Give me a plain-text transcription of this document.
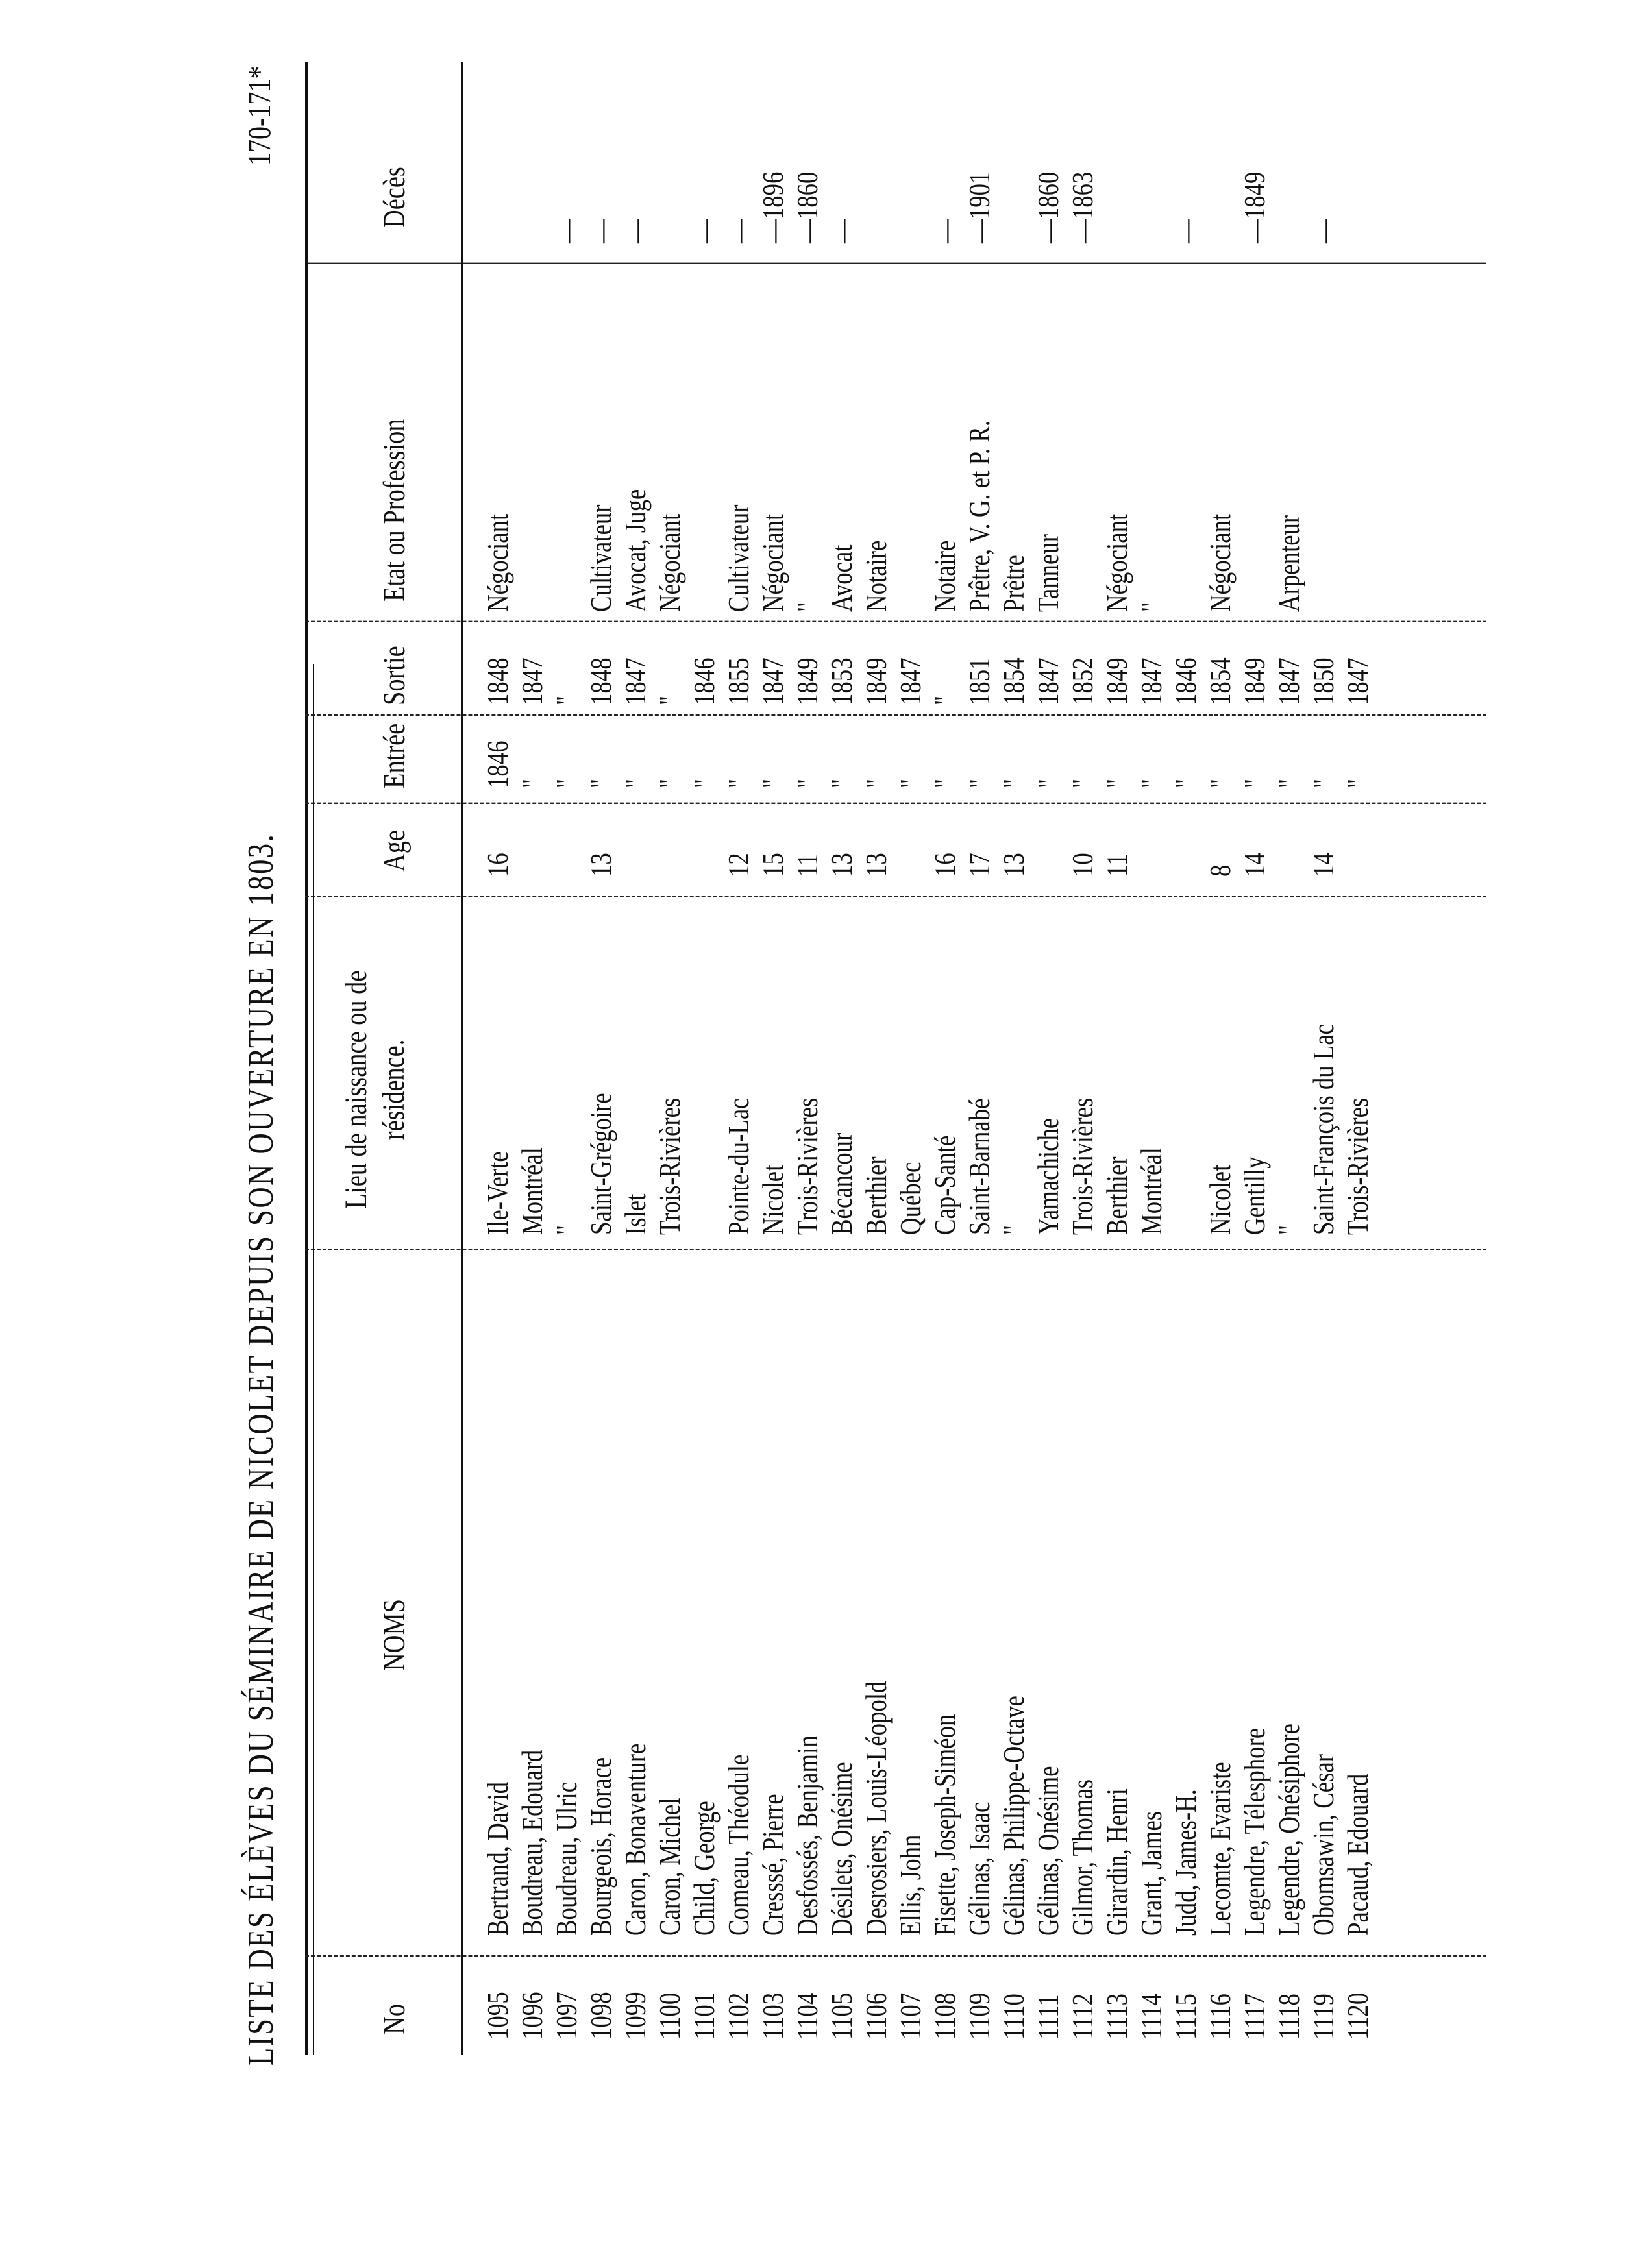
LISTE DES ÉLÈVES DU SÉMINAIRE DE NICOLET DEPUIS SON OUVERTURE EN 1803.
170-171*
No
NOMS
Lieu de naissance ou de résidence.
Age
Entrée
Sortie
1095
Bertrand, David
Ile-Verte
16
1846
1848
1096
Boudreau, Edouard
Montréal
"
1847
1097
Boudreau, Ulric
"
"
"
1098
Bourgeois, Horace
Saint-Grégoire
13
"
1848
1099
Caron, Bonaventure
Islet
"
1847
1100
Caron, Michel
Trois-Rivières
"
"
1101
Child, George
"
1846
1102
Comeau, Théodule
Pointe-du-Lac
12
"
1855
1103
Cresssé, Pierre
Nicolet
15
"
1847
1104
Desfossés, Benjamin
Trois-Rivières
11
"
1849
1105
Désilets, Onésime
Bécancour
13
"
1853
1106
Desrosiers, Louis-Léopold
Berthier
13
"
1849
1107
Ellis, John
Québec
"
1847
1108
Fisette, Joseph-Siméon
Cap-Santé
16
"
"
1109
Gélinas, Isaac
Saint-Barnabé
17
"
1851
1110
Gélinas, Philippe-Octave
"
13
"
1854
1111
Gélinas, Onésime
Yamachiche
"
1847
1112
Gilmor, Thomas
Trois-Rivières
10
"
1852
1113
Girardin, Henri
Berthier
11
"
1849
1114
Grant, James
Montréal
"
1847
1115
Judd, James-H.
"
1846
1116
Lecomte, Evariste
Nicolet
8
"
1854
1117
Legendre, Télesphore
Gentilly
14
"
1849
1118
Legendre, Onésiphore
"
"
1847
1119
Obomsawin, César
Saint-François du Lac
14
"
1850
1120
Pacaud, Edouard
Trois-Rivières
"
1847
Etat ou Profession Négociant
—
Cultivateur
—
Avocat, Juge
—
Négociant
—
Cultivateur
—
Négociant
—1896
"
—1860
Avocat
—
Notaire Notaire
—
Prêtre, V. G. et P. R.
—1901
Prêtre Tanneur
—1860 —1863
Négociant "
—
Négociant
—1849
Arpenteur
—
Décès
